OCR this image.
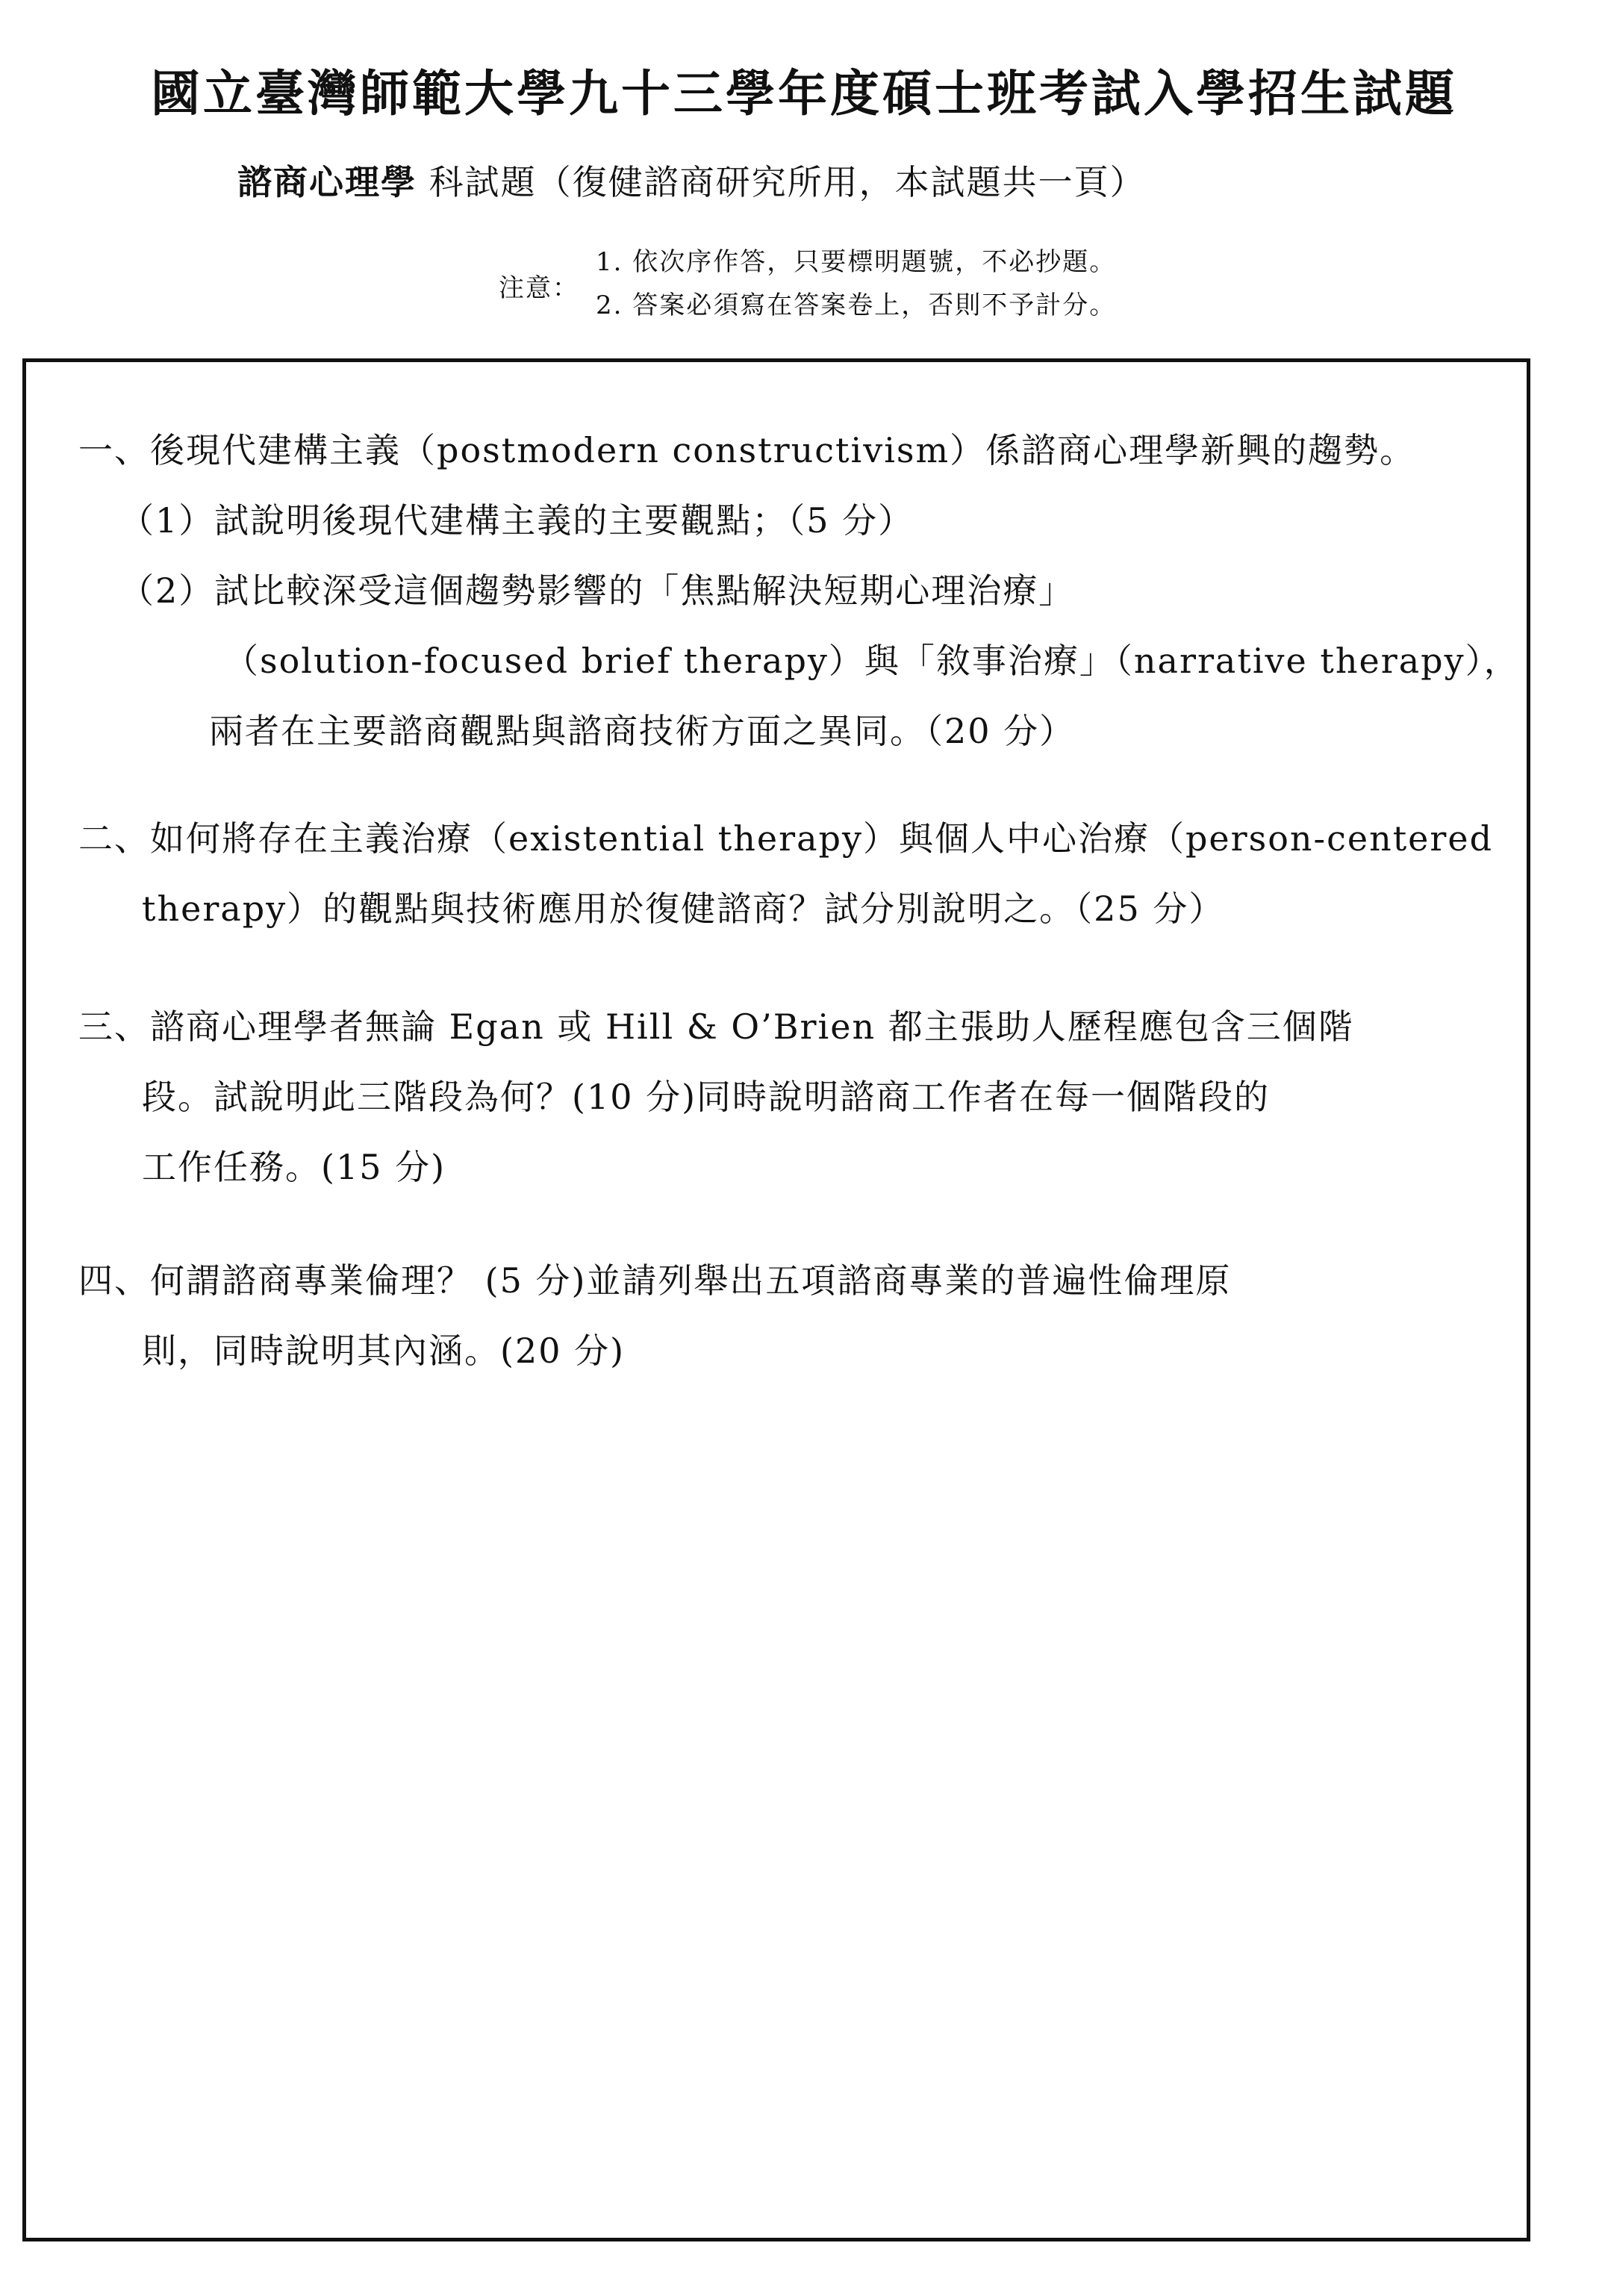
國立臺灣師範大學九十三學年度碩士班考試入學招生試題
諮商心理學 科試題（復健諮商研究所用，本試題共一頁）
注意：
1. 依次序作答，只要標明題號，不必抄題。
2. 答案必須寫在答案卷上，否則不予計分。
一、後現代建構主義（postmodern constructivism）係諮商心理學新興的趨勢。
（1）試說明後現代建構主義的主要觀點；（5 分）
（2）試比較深受這個趨勢影響的「焦點解決短期心理治療」
（solution-focused brief therapy）與「敘事治療」（narrative therapy），
兩者在主要諮商觀點與諮商技術方面之異同。（20 分）
二、如何將存在主義治療（existential therapy）與個人中心治療（person-centered
therapy）的觀點與技術應用於復健諮商？試分別說明之。（25 分）
三、諮商心理學者無論 Egan 或 Hill & O’Brien 都主張助人歷程應包含三個階
段。試說明此三階段為何？(10 分)同時說明諮商工作者在每一個階段的
工作任務。(15 分)
四、何謂諮商專業倫理？ (5 分)並請列舉出五項諮商專業的普遍性倫理原
則，同時說明其內涵。(20 分)
